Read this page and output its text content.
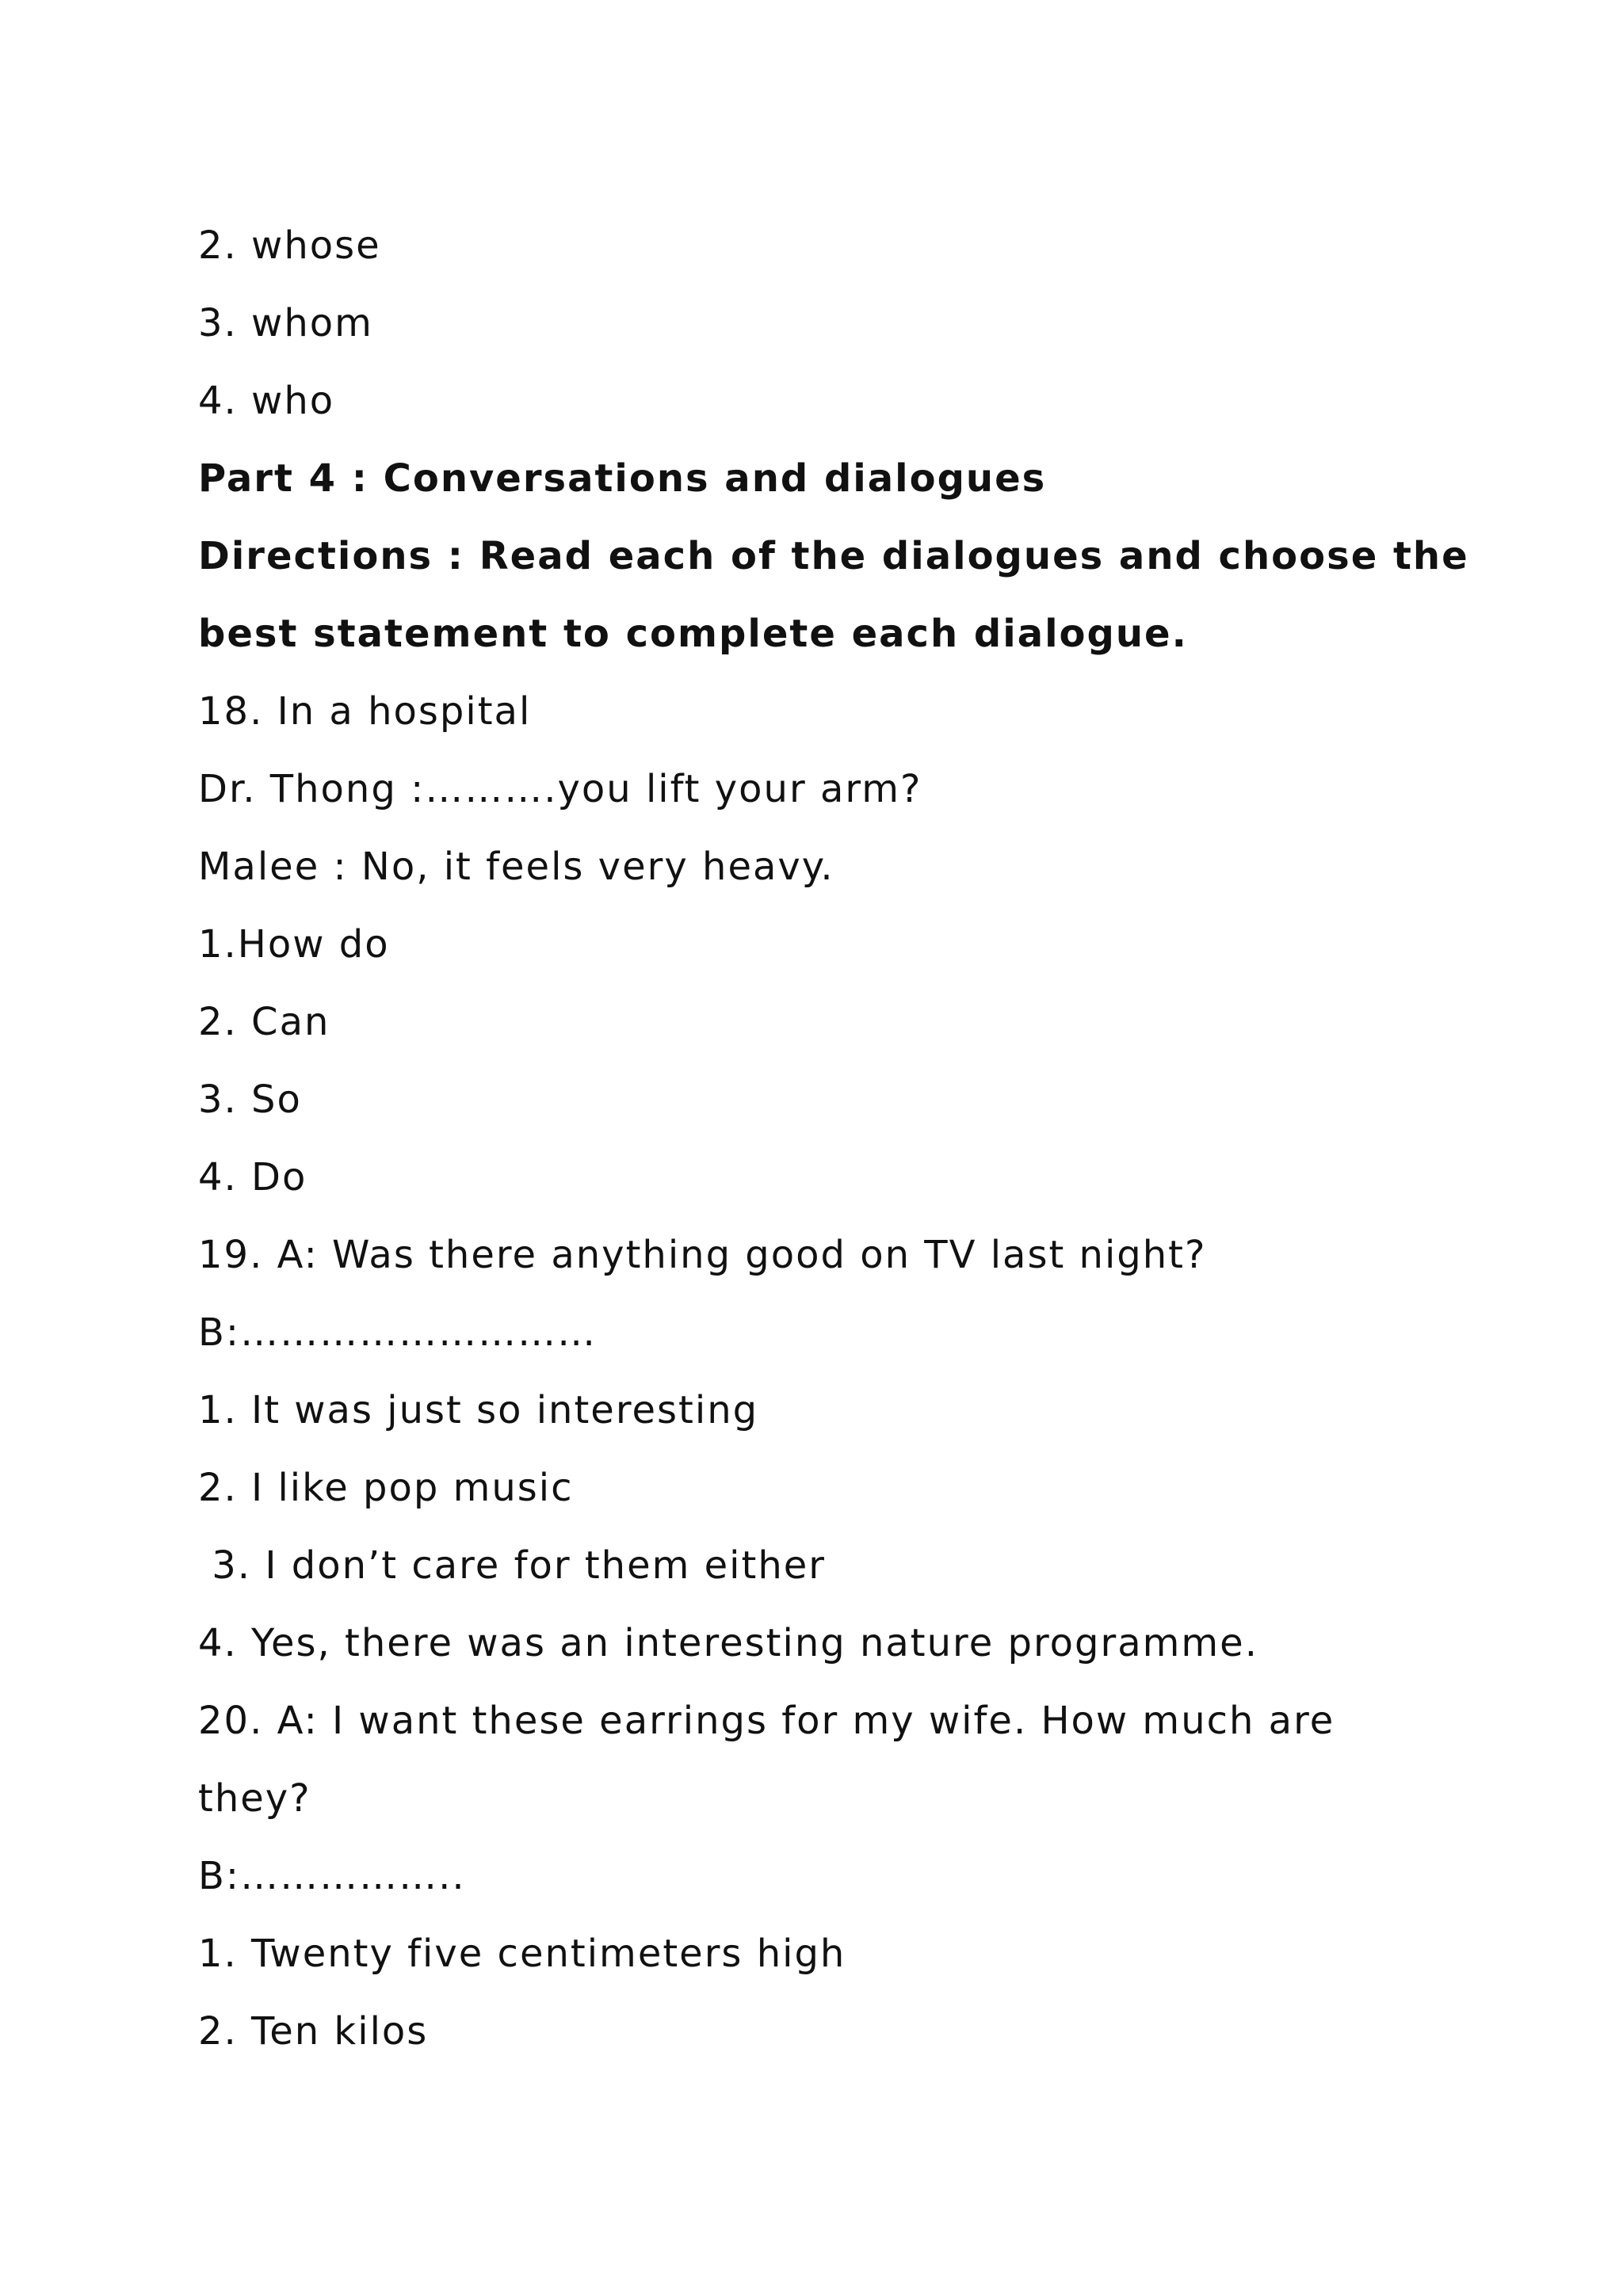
2. whose

3. whom

4. who

Part 4 : Conversations and dialogues

Directions : Read each of the dialogues and choose the

best statement to complete each dialogue.

18. In a hospital

Dr. Thong :……….you lift your arm?

Malee : No, it feels very heavy.

1.How do

2. Can

3. So

4. Do

19. A: Was there anything good on TV last night?

B:………………………

1. It was just so interesting

2. I like pop music

3. I don’t care for them either

4. Yes, there was an interesting nature programme.

20. A: I want these earrings for my wife. How much are

they?

B:……………..

1. Twenty five centimeters high

2. Ten kilos
